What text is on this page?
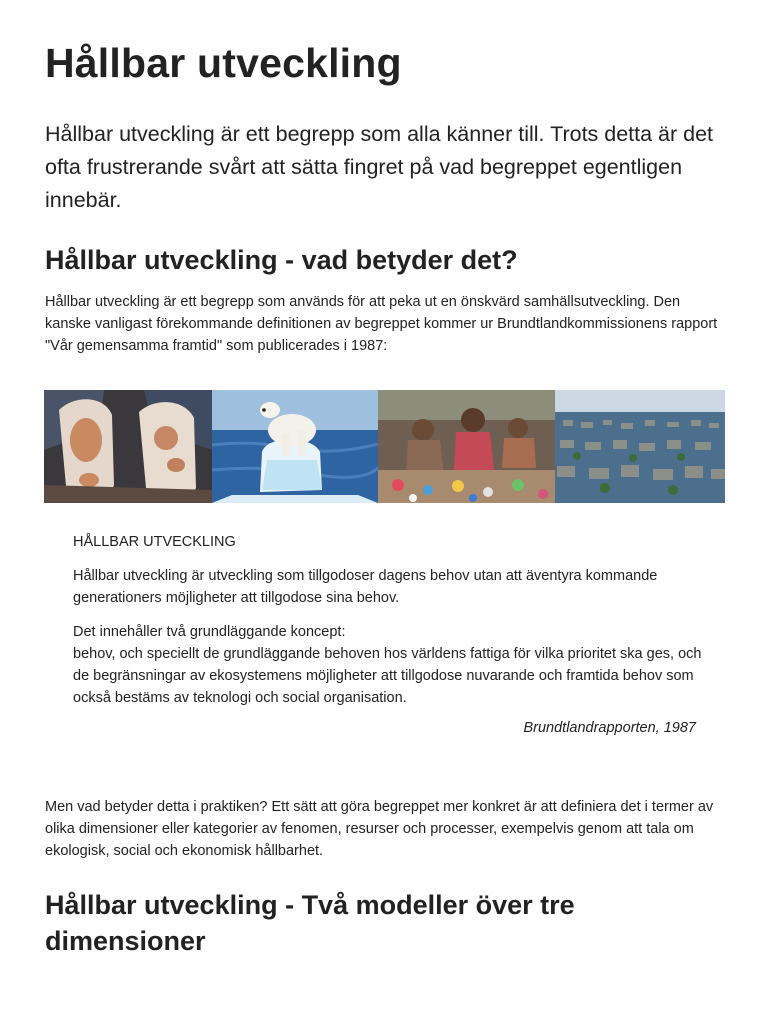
Hållbar utveckling

Hållbar utveckling är ett begrepp som alla känner till. Trots detta är det ofta frustrerande svårt att sätta fingret på vad begreppet egentligen innebär.

Hållbar utveckling - vad betyder det?

Hållbar utveckling är ett begrepp som används för att peka ut en önskvärd samhällsutveckling. Den kanske vanligast förekommande definitionen av begreppet kommer ur Brundtlandkommissionens rapport "Vår gemensamma framtid" som publicerades i 1987:

HÅLLBAR UTVECKLING

Hållbar utveckling är utveckling som tillgodoser dagens behov utan att äventyra kommande generationers möjligheter att tillgodose sina behov.

Det innehåller två grundläggande koncept:

behov, och speciellt de grundläggande behoven hos världens fattiga för vilka prioritet ska ges, och de begränsningar av ekosystemens möjligheter att tillgodose nuvarande och framtida behov som också bestäms av teknologi och social organisation.

Brundtlandrapporten, 1987

Men vad betyder detta i praktiken? Ett sätt att göra begreppet mer konkret är att definiera det i termer av olika dimensioner eller kategorier av fenomen, resurser och processer, exempelvis genom att tala om ekologisk, social och ekonomisk hållbarhet.

Hållbar utveckling - Två modeller över tre dimensioner
